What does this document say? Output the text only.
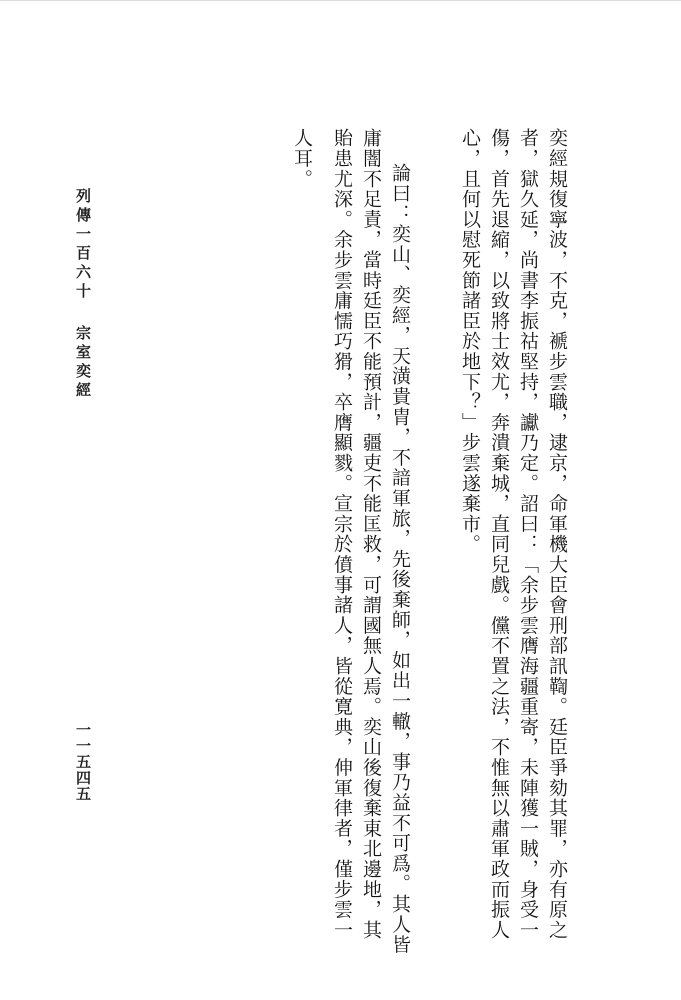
奕經規復寧波，不克，褫步雲職，逮京，命軍機大臣會刑部訊鞫。廷臣爭劾其罪，亦有原之
者，獄久延，尚書李振祜堅持，讞乃定。詔曰：「余步雲膺海疆重寄，未陣獲一賊，身受一
傷，首先退縮，以致將士效尤，奔潰棄城，直同兒戲。儻不置之法，不惟無以肅軍政而振人
心，且何以慰死節諸臣於地下？」步雲遂棄市。
論曰：奕山、奕經，天潢貴胄，不諳軍旅，先後棄師，如出一轍，事乃益不可爲。其人皆
庸闇不足責，當時廷臣不能預計，疆吏不能匡救，可謂國無人焉。奕山後復棄東北邊地，其
貽患尤深。余步雲庸懦巧猾，卒膺顯戮。宣宗於僨事諸人，皆從寛典，伸軍律者，僅步雲一
人耳。
列傳一百六十
宗室奕經
一一五四五
